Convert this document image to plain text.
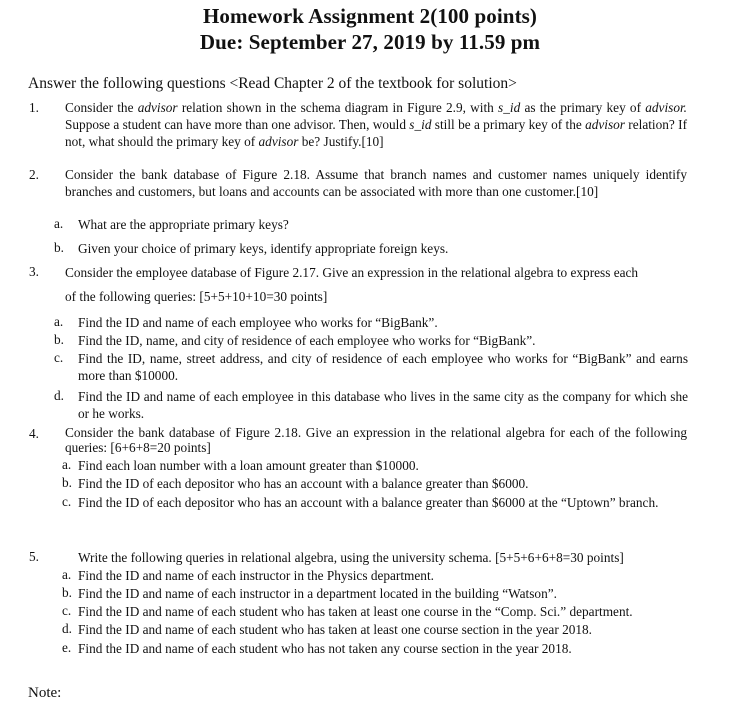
Homework Assignment 2(100 points)
Due: September 27, 2019 by 11.59 pm
Answer the following questions <Read Chapter 2 of the textbook for solution>
1. Consider the advisor relation shown in the schema diagram in Figure 2.9, with s_id as the primary key of advisor. Suppose a student can have more than one advisor. Then, would s_id still be a primary key of the advisor relation? If not, what should the primary key of advisor be? Justify.[10]
2. Consider the bank database of Figure 2.18. Assume that branch names and customer names uniquely identify branches and customers, but loans and accounts can be associated with more than one customer.[10]
a. What are the appropriate primary keys?
b. Given your choice of primary keys, identify appropriate foreign keys.
3. Consider the employee database of Figure 2.17. Give an expression in the relational algebra to express each
of the following queries: [5+5+10+10=30 points]
a. Find the ID and name of each employee who works for “BigBank”.
b. Find the ID, name, and city of residence of each employee who works for “BigBank”.
c. Find the ID, name, street address, and city of residence of each employee who works for “BigBank” and earns more than $10000.
d. Find the ID and name of each employee in this database who lives in the same city as the company for which she or he works.
4. Consider the bank database of Figure 2.18. Give an expression in the relational algebra for each of the following queries: [6+6+8=20 points]
a. Find each loan number with a loan amount greater than $10000.
b. Find the ID of each depositor who has an account with a balance greater than $6000.
c. Find the ID of each depositor who has an account with a balance greater than $6000 at the “Uptown” branch.
5.	Write the following queries in relational algebra, using the university schema. [5+5+6+6+8=30 points]
a. Find the ID and name of each instructor in the Physics department.
b. Find the ID and name of each instructor in a department located in the building “Watson”.
c. Find the ID and name of each student who has taken at least one course in the “Comp. Sci.” department.
d. Find the ID and name of each student who has taken at least one course section in the year 2018.
e. Find the ID and name of each student who has not taken any course section in the year 2018.
Note:
